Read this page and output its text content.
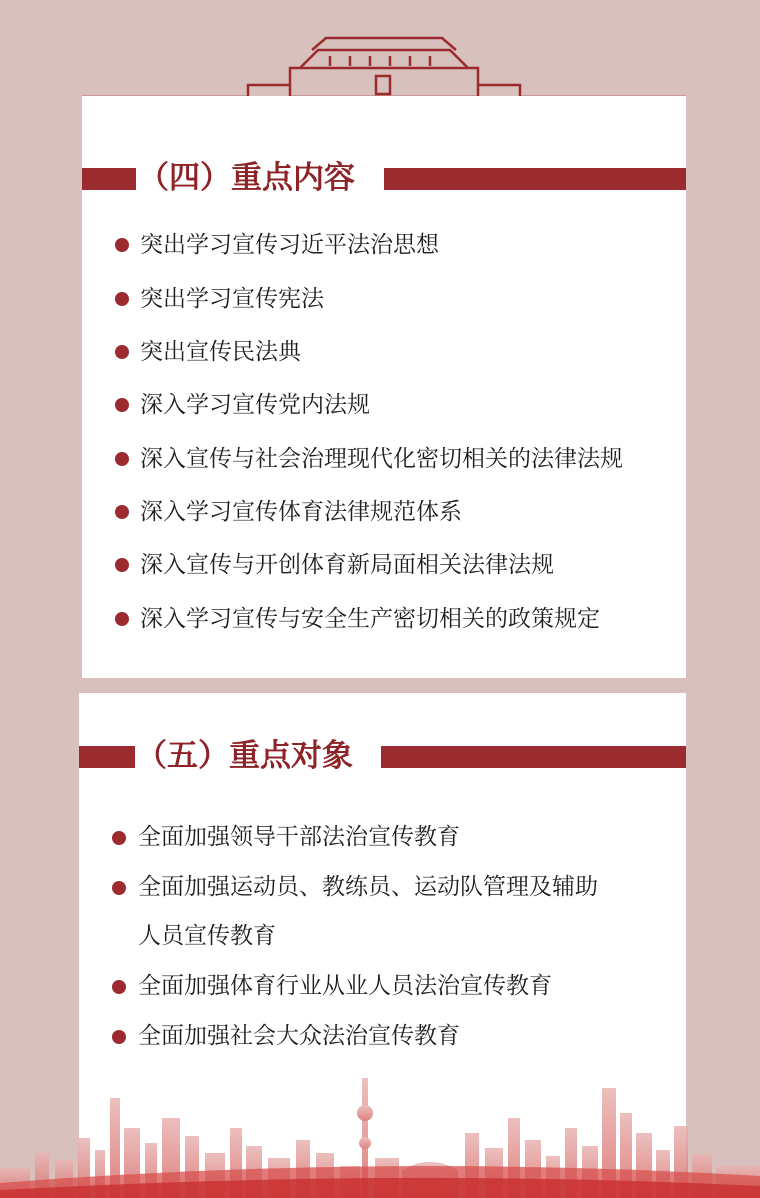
（四）重点内容
突出学习宣传习近平法治思想
突出学习宣传宪法
突出宣传民法典
深入学习宣传党内法规
深入宣传与社会治理现代化密切相关的法律法规
深入学习宣传体育法律规范体系
深入宣传与开创体育新局面相关法律法规
深入学习宣传与安全生产密切相关的政策规定
（五）重点对象
全面加强领导干部法治宣传教育
全面加强运动员、教练员、运动队管理及辅助
人员宣传教育
全面加强体育行业从业人员法治宣传教育
全面加强社会大众法治宣传教育
